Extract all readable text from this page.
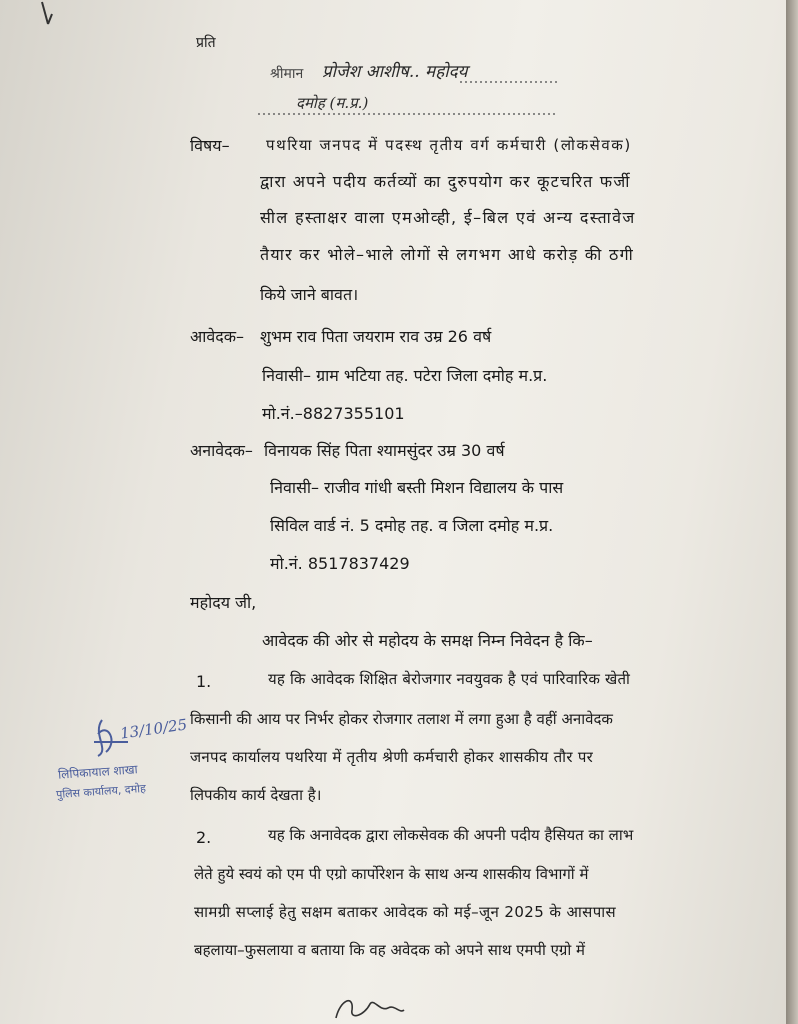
प्रति
श्रीमान प्रोजेश आशीष.. महोदय
दमोह (म.प्र.)
विषय– पथरिया जनपद में पदस्थ तृतीय वर्ग कर्मचारी (लोकसेवक)
द्वारा अपने पदीय कर्तव्यों का दुरुपयोग कर कूटचरित फर्जी
सील हस्ताक्षर वाला एमओव्ही, ई–बिल एवं अन्य दस्तावेज
तैयार कर भोले–भाले लोगों से लगभग आधे करोड़ की ठगी
किये जाने बावत।
आवेदक– शुभम राव पिता जयराम राव उम्र 26 वर्ष
निवासी– ग्राम भटिया तह. पटेरा जिला दमोह म.प्र.
मो.नं.–8827355101
अनावेदक– विनायक सिंह पिता श्यामसुंदर उम्र 30 वर्ष
निवासी– राजीव गांधी बस्ती मिशन विद्यालय के पास
सिविल वार्ड नं. 5 दमोह तह. व जिला दमोह म.प्र.
मो.नं. 8517837429
महोदय जी,
आवेदक की ओर से महोदय के समक्ष निम्न निवेदन है कि–
1.	यह कि आवेदक शिक्षित बेरोजगार नवयुवक है एवं पारिवारिक खेती
किसानी की आय पर निर्भर होकर रोजगार तलाश में लगा हुआ है वहीं अनावेदक
जनपद कार्यालय पथरिया में तृतीय श्रेणी कर्मचारी होकर शासकीय तौर पर
लिपकीय कार्य देखता है।
2.	यह कि अनावेदक द्वारा लोकसेवक की अपनी पदीय हैसियत का लाभ
लेते हुये स्वयं को एम पी एग्रो कार्पोरेशन के साथ अन्य शासकीय विभागों में
सामग्री सप्लाई हेतु सक्षम बताकर आवेदक को मई–जून 2025 के आसपास
बहलाया–फुसलाया व बताया कि वह अवेदक को अपने साथ एमपी एग्रो में
13/10/25
लिपिकायाल शाखा
पुलिस कार्यालय, दमोह
